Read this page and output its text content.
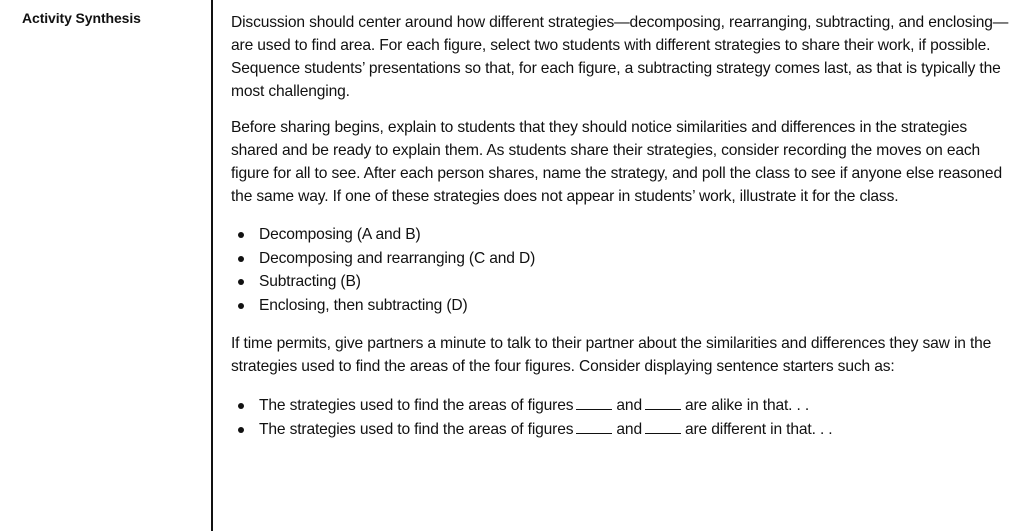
Activity Synthesis	Discussion should center around how different strategies—decomposing, rearranging, subtracting, and enclosing—are used to find area. For each figure, select two students with different strategies to share their work, if possible. Sequence students’ presentations so that, for each figure, a subtracting strategy comes last, as that is typically the most challenging.

Before sharing begins, explain to students that they should notice similarities and differences in the strategies shared and be ready to explain them. As students share their strategies, consider recording the moves on each figure for all to see. After each person shares, name the strategy, and poll the class to see if anyone else reasoned the same way. If one of these strategies does not appear in students’ work, illustrate it for the class.

Decomposing (A and B)
Decomposing and rearranging (C and D)
Subtracting (B)
Enclosing, then subtracting (D)

If time permits, give partners a minute to talk to their partner about the similarities and differences they saw in the strategies used to find the areas of the four figures. Consider displaying sentence starters such as:

The strategies used to find the areas of figures	and	are alike in that. . .
The strategies used to find the areas of figures	and	are different in that. . .
